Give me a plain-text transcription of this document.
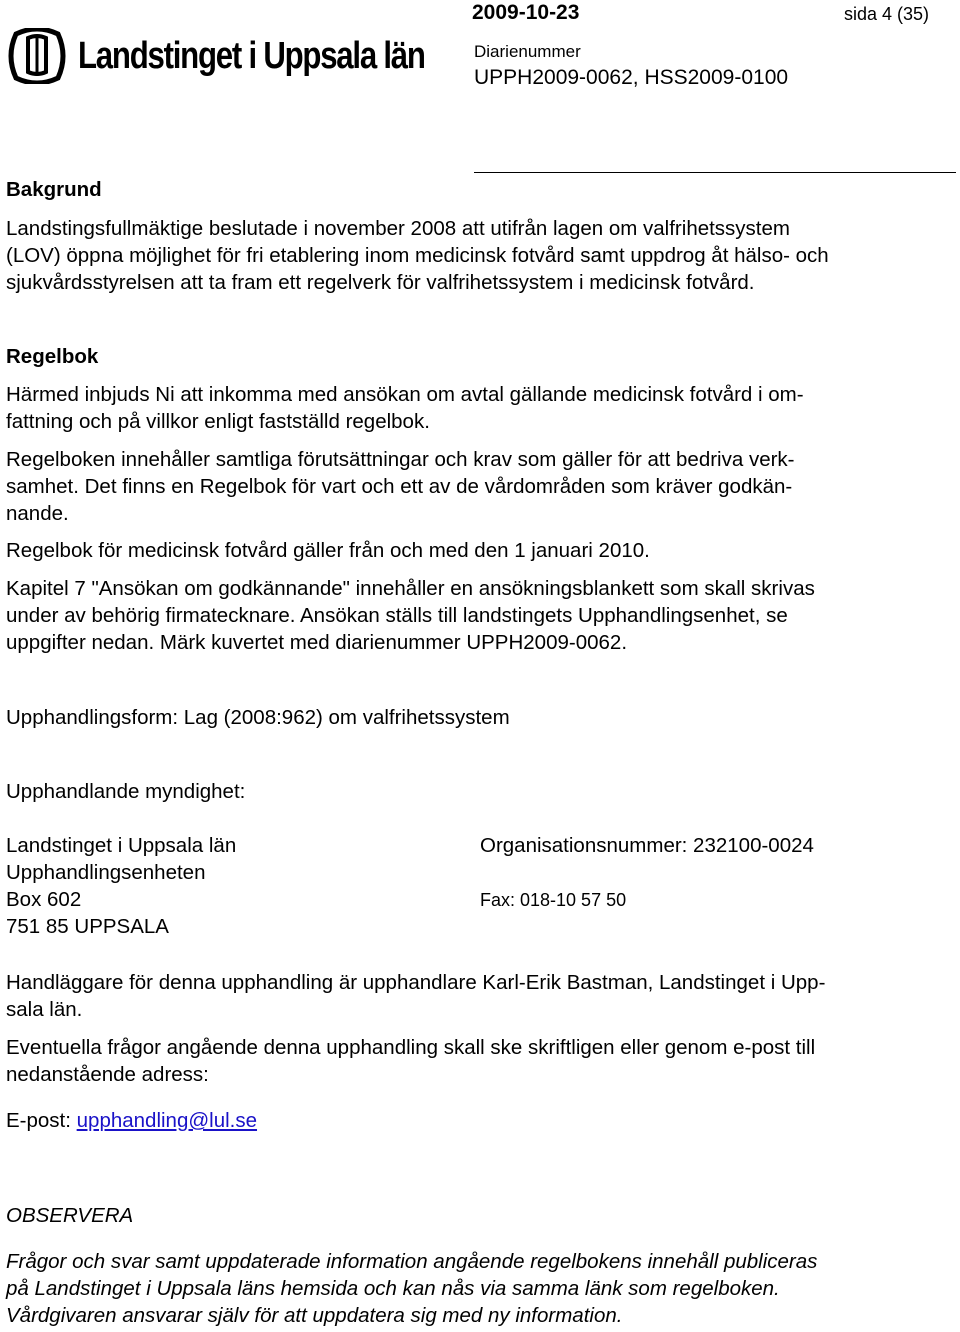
Landstinget i Uppsala län
2009-10-23	sida 4 (35)
Diarienummer
UPPH2009-0062, HSS2009-0100
Bakgrund
Landstingsfullmäktige beslutade i november 2008 att utifrån lagen om valfrihetssystem
(LOV) öppna möjlighet för fri etablering inom medicinsk fotvård samt uppdrog åt hälso- och
sjukvårdsstyrelsen att ta fram ett regelverk för valfrihetssystem i medicinsk fotvård.
Regelbok
Härmed inbjuds Ni att inkomma med ansökan om avtal gällande medicinsk fotvård i om-
fattning och på villkor enligt fastställd regelbok.
Regelboken innehåller samtliga förutsättningar och krav som gäller för att bedriva verk-
samhet. Det finns en Regelbok för vart och ett av de vårdområden som kräver godkän-
nande.
Regelbok för medicinsk fotvård gäller från och med den 1 januari 2010.
Kapitel 7 "Ansökan om godkännande" innehåller en ansökningsblankett som skall skrivas
under av behörig firmatecknare. Ansökan ställs till landstingets Upphandlingsenhet, se
uppgifter nedan. Märk kuvertet med diarienummer UPPH2009-0062.
Upphandlingsform: Lag (2008:962) om valfrihetssystem
Upphandlande myndighet:
Landstinget i Uppsala län
Upphandlingsenheten
Box 602
751 85 UPPSALA
Organisationsnummer: 232100-0024
Fax: 018-10 57 50
Handläggare för denna upphandling är upphandlare Karl-Erik Bastman, Landstinget i Upp-
sala län.
Eventuella frågor angående denna upphandling skall ske skriftligen eller genom e-post till
nedanstående adress:
E-post: upphandling@lul.se
OBSERVERA
Frågor och svar samt uppdaterade information angående regelbokens innehåll publiceras
på Landstinget i Uppsala läns hemsida och kan nås via samma länk som regelboken.
Vårdgivaren ansvarar själv för att uppdatera sig med ny information.
